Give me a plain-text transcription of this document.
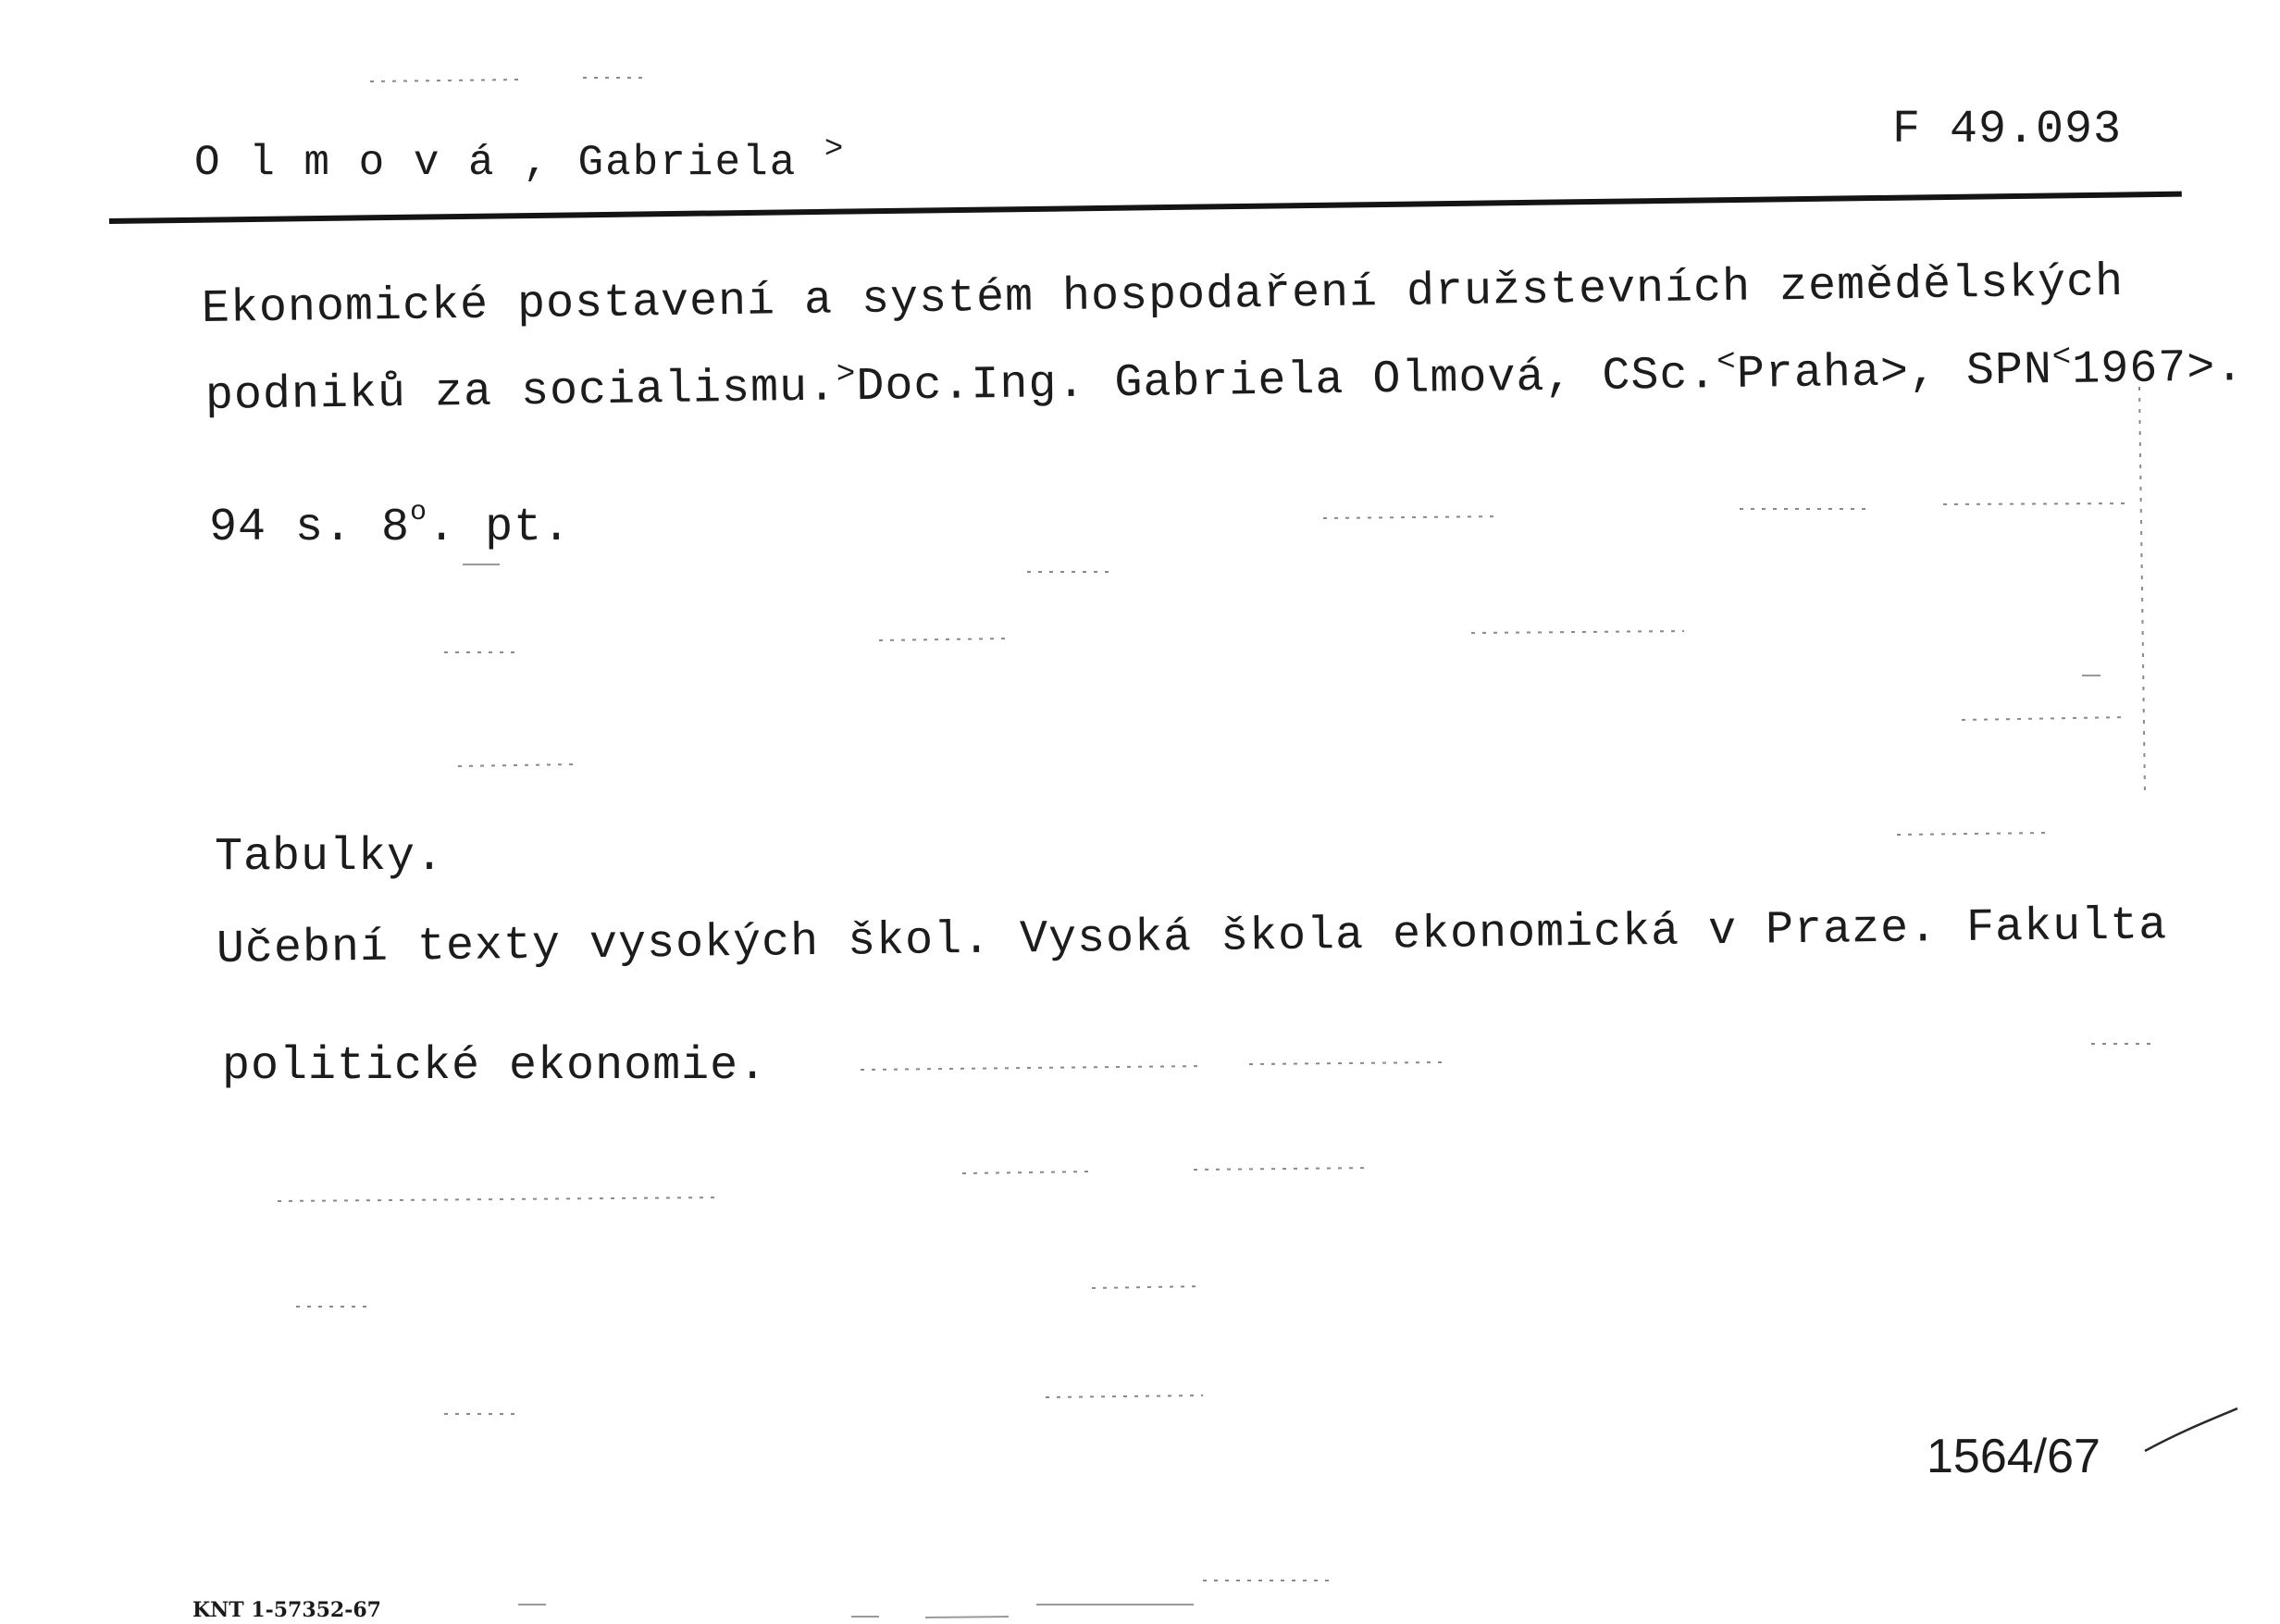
O l m o v á , Gabriela >	F 49.093
Ekonomické postavení a systém hospodaření družstevních zemědělských
podniků za socialismu.>Doc.Ing. Gabriela Olmová, CSc.<Praha>, SPN<1967>.
94 s. 8$^o$. pt.
Tabulky.
Učební texty vysokých škol. Vysoká škola ekonomická v Praze. Fakulta
politické ekonomie.
1564/67
KNT 1-57352-67
